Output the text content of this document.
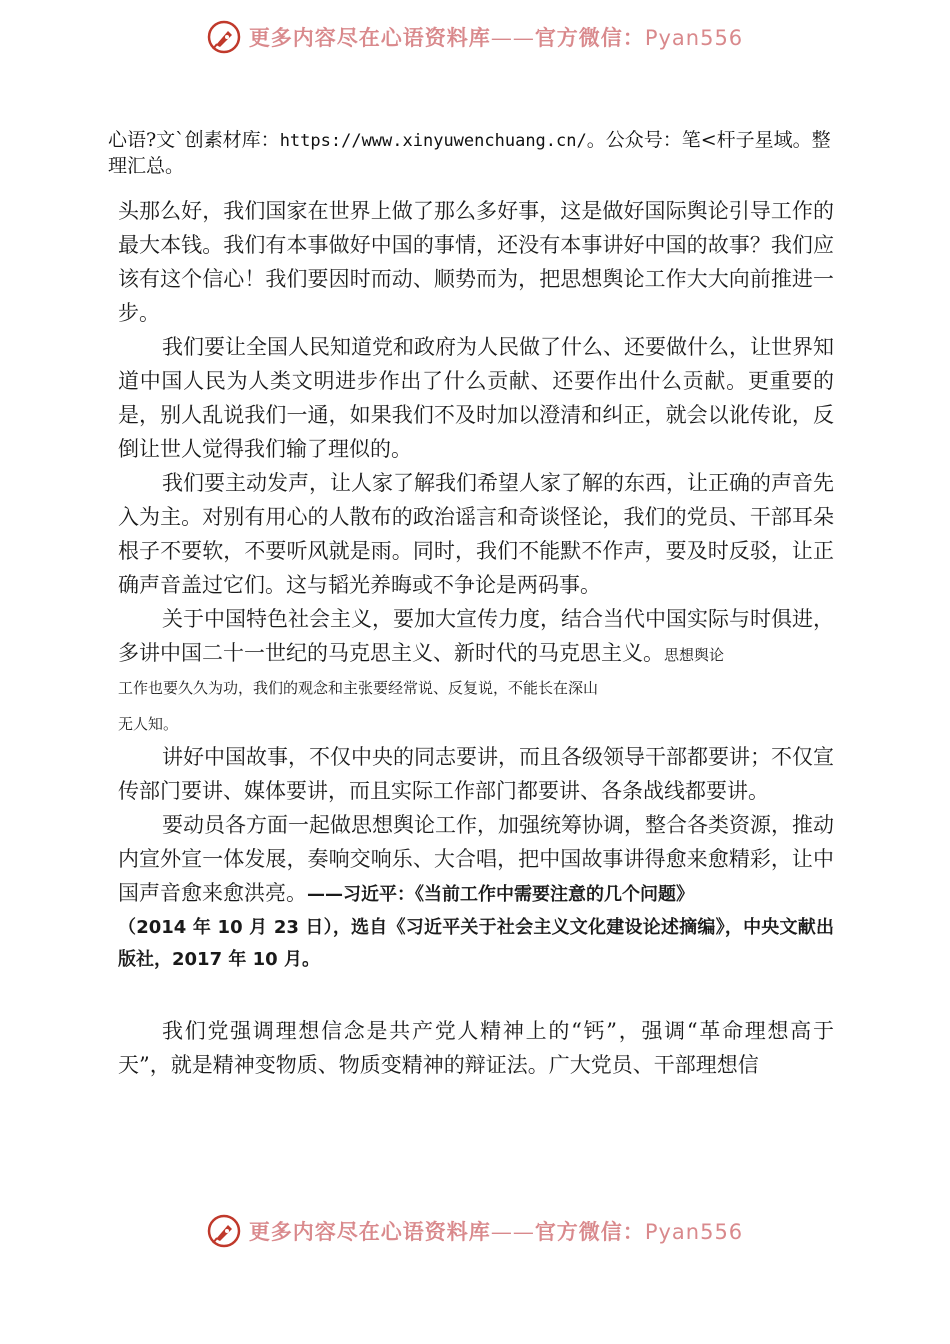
更多内容尽在心语资料库——官方微信：Pyan556
心语?文`创素材库：https://www.xinyuwenchuang.cn/。公众号：笔<杆子星域。整理汇总。

头那么好，我们国家在世界上做了那么多好事，这是做好国际舆论引导工作的最大本钱。我们有本事做好中国的事情，还没有本事讲好中国的故事？我们应该有这个信心！我们要因时而动、顺势而为，把思想舆论工作大大向前推进一步。

我们要让全国人民知道党和政府为人民做了什么、还要做什么，让世界知道中国人民为人类文明进步作出了什么贡献、还要作出什么贡献。更重要的是，别人乱说我们一通，如果我们不及时加以澄清和纠正，就会以讹传讹，反倒让世人觉得我们输了理似的。

我们要主动发声，让人家了解我们希望人家了解的东西，让正确的声音先入为主。对别有用心的人散布的政治谣言和奇谈怪论，我们的党员、干部耳朵根子不要软，不要听风就是雨。同时，我们不能默不作声，要及时反驳，让正确声音盖过它们。这与韬光养晦或不争论是两码事。

关于中国特色社会主义，要加大宣传力度，结合当代中国实际与时俱进，多讲中国二十一世纪的马克思主义、新时代的马克思主义。思想舆论

工作也要久久为功，我们的观念和主张要经常说、反复说，不能长在深山

无人知。

讲好中国故事，不仅中央的同志要讲，而且各级领导干部都要讲；不仅宣传部门要讲、媒体要讲，而且实际工作部门都要讲、各条战线都要讲。

要动员各方面一起做思想舆论工作，加强统筹协调，整合各类资源，推动内宣外宣一体发展，奏响交响乐、大合唱，把中国故事讲得愈来愈精彩，让中国声音愈来愈洪亮。——习近平：《当前工作中需要注意的几个问题》

（2014 年 10 月 23 日），选自《习近平关于社会主义文化建设论述摘编》，中央文献出版社，2017 年 10 月。

我们党强调理想信念是共产党人精神上的“钙”，强调“革命理想高于天”，就是精神变物质、物质变精神的辩证法。广大党员、干部理想信

更多内容尽在心语资料库——官方微信：Pyan556
